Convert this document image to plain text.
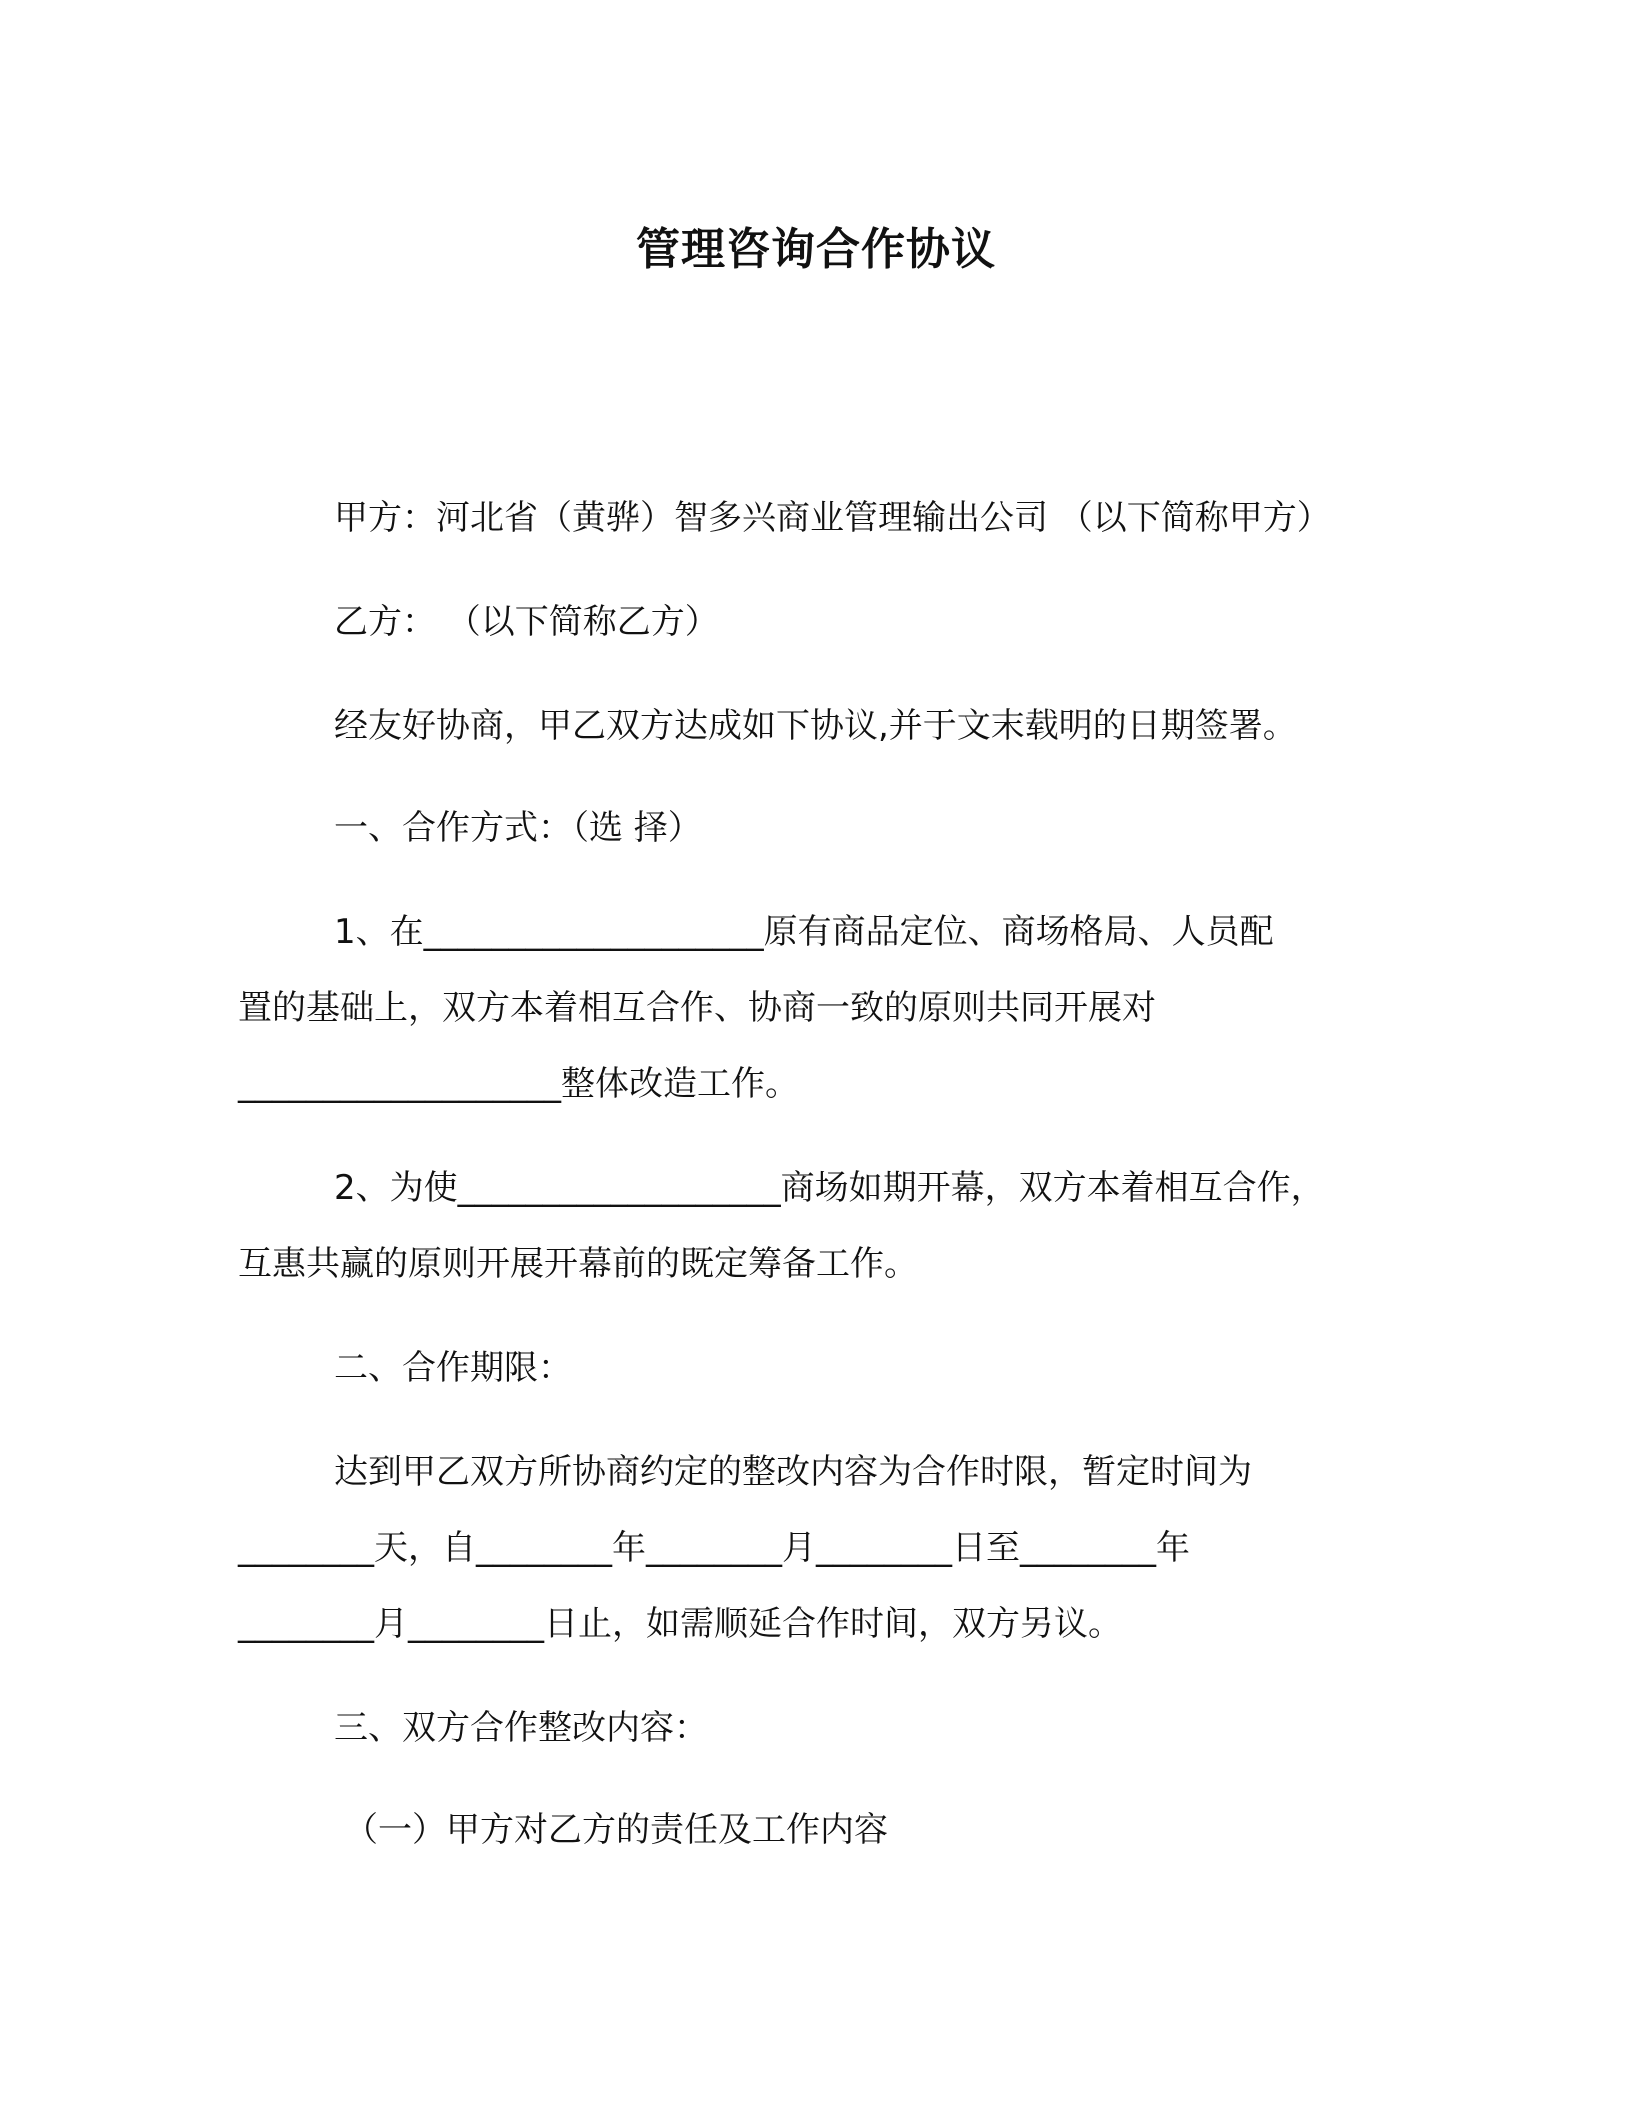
管理咨询合作协议
甲方：河北省（黄骅）智多兴商业管理输出公司 （以下简称甲方）
乙方： （以下简称乙方）
经友好协商，甲乙双方达成如下协议,并于文末载明的日期签署。
一、合作方式：（选 择）
1、在____________________原有商品定位、商场格局、人员配
置的基础上，双方本着相互合作、协商一致的原则共同开展对
___________________整体改造工作。
2、为使___________________商场如期开幕，双方本着相互合作，
互惠共赢的原则开展开幕前的既定筹备工作。
二、合作期限：
达到甲乙双方所协商约定的整改内容为合作时限，暂定时间为
________天，自________年________月________日至________年
________月________日止，如需顺延合作时间，双方另议。
三、双方合作整改内容：
（一）甲方对乙方的责任及工作内容
